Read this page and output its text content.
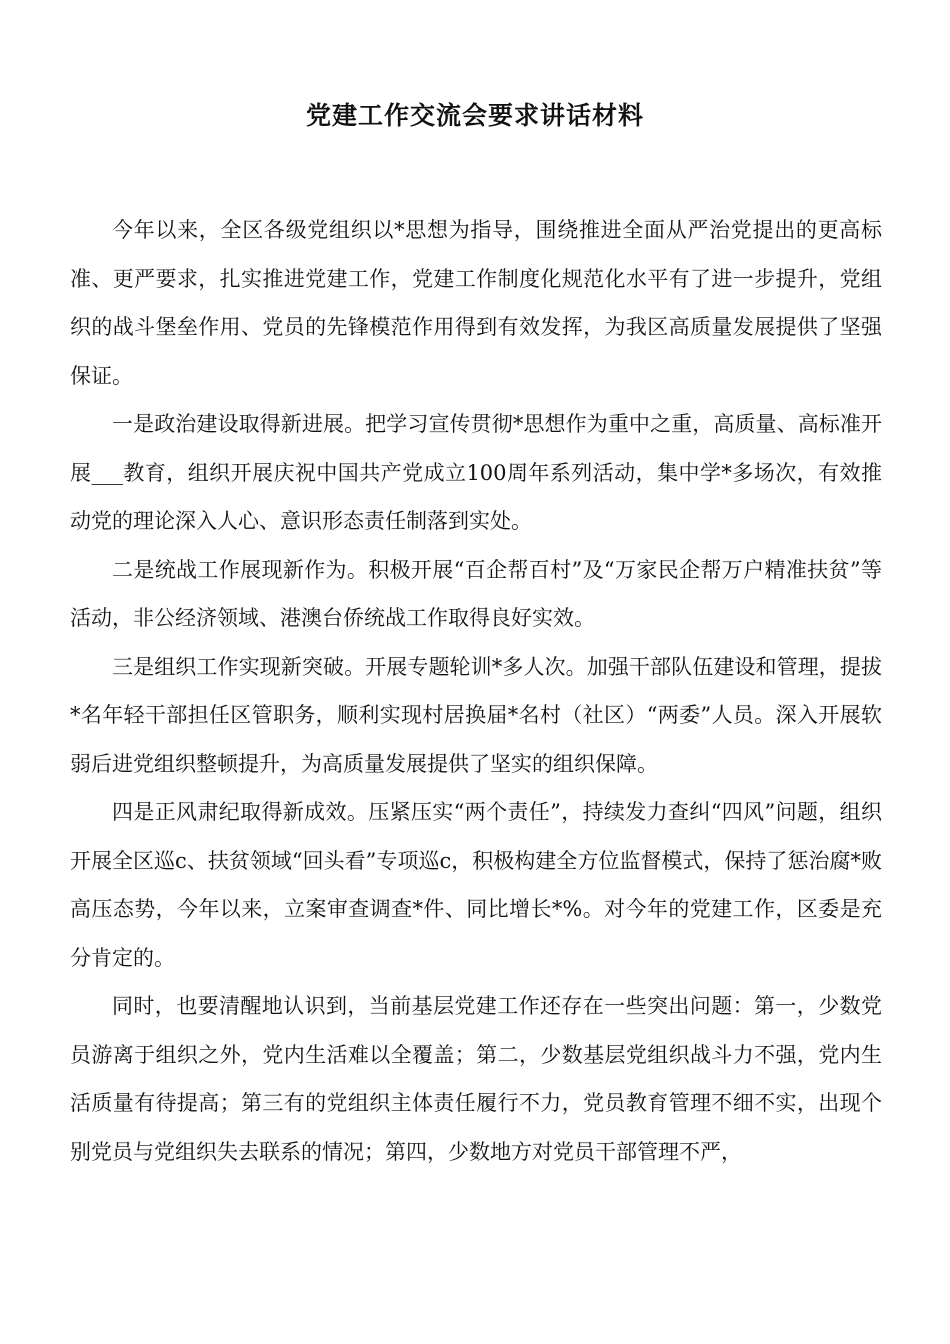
党建工作交流会要求讲话材料

今年以来，全区各级党组织以*思想为指导，围绕推进全面从严治党提出的更高标准、更严要求，扎实推进党建工作，党建工作制度化规范化水平有了进一步提升，党组织的战斗堡垒作用、党员的先锋模范作用得到有效发挥，为我区高质量发展提供了坚强保证。

一是政治建设取得新进展。把学习宣传贯彻*思想作为重中之重，高质量、高标准开展___教育，组织开展庆祝中国共产党成立100周年系列活动，集中学*多场次，有效推动党的理论深入人心、意识形态责任制落到实处。

二是统战工作展现新作为。积极开展“百企帮百村”及“万家民企帮万户精准扶贫”等活动，非公经济领域、港澳台侨统战工作取得良好实效。

三是组织工作实现新突破。开展专题轮训*多人次。加强干部队伍建设和管理，提拔*名年轻干部担任区管职务，顺利实现村居换届*名村（社区）“两委”人员。深入开展软弱后进党组织整顿提升，为高质量发展提供了坚实的组织保障。

四是正风肃纪取得新成效。压紧压实“两个责任”，持续发力查纠“四风”问题，组织开展全区巡c、扶贫领域“回头看”专项巡c，积极构建全方位监督模式，保持了惩治腐*败高压态势，今年以来，立案审查调查*件、同比增长*%。对今年的党建工作，区委是充分肯定的。

同时，也要清醒地认识到，当前基层党建工作还存在一些突出问题：第一，少数党员游离于组织之外，党内生活难以全覆盖；第二，少数基层党组织战斗力不强，党内生活质量有待提高；第三有的党组织主体责任履行不力，党员教育管理不细不实，出现个别党员与党组织失去联系的情况；第四，少数地方对党员干部管理不严，
